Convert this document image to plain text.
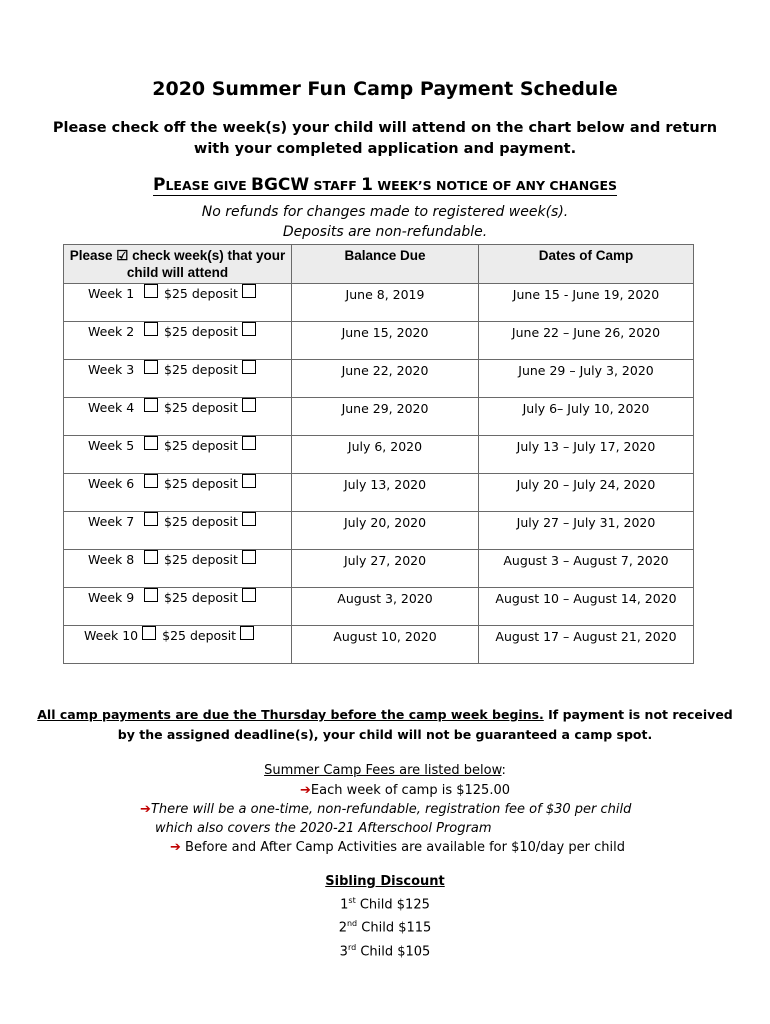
2020 Summer Fun Camp Payment Schedule
Please check off the week(s) your child will attend on the chart below and return with your completed application and payment.
PLEASE GIVE BGCW STAFF 1 WEEK’S NOTICE OF ANY CHANGES
No refunds for changes made to registered week(s).
Deposits are non-refundable.
Please ☑ check week(s) that your child will attend	Balance Due	Dates of Camp

Week 1 $25 deposit	June 8, 2019	June 15 - June 19, 2020

Week 2 $25 deposit	June 15, 2020	June 22 – June 26, 2020

Week 3 $25 deposit	June 22, 2020	June 29 – July 3, 2020

Week 4 $25 deposit	June 29, 2020	July 6– July 10, 2020

Week 5 $25 deposit	July 6, 2020	July 13 – July 17, 2020

Week 6 $25 deposit	July 13, 2020	July 20 – July 24, 2020

Week 7 $25 deposit	July 20, 2020	July 27 – July 31, 2020

Week 8 $25 deposit	July 27, 2020	August 3 – August 7, 2020

Week 9 $25 deposit	August 3, 2020	August 10 – August 14, 2020

Week 10 $25 deposit	August 10, 2020	August 17 – August 21, 2020
All camp payments are due the Thursday before the camp week begins. If payment is not received by the assigned deadline(s), your child will not be guaranteed a camp spot.
Summer Camp Fees are listed below:
➔Each week of camp is $125.00
➔There will be a one-time, non-refundable, registration fee of $30 per child
which also covers the 2020-21 Afterschool Program
➔ Before and After Camp Activities are available for $10/day per child
Sibling Discount
1st Child $125
2nd Child $115
3rd Child $105
